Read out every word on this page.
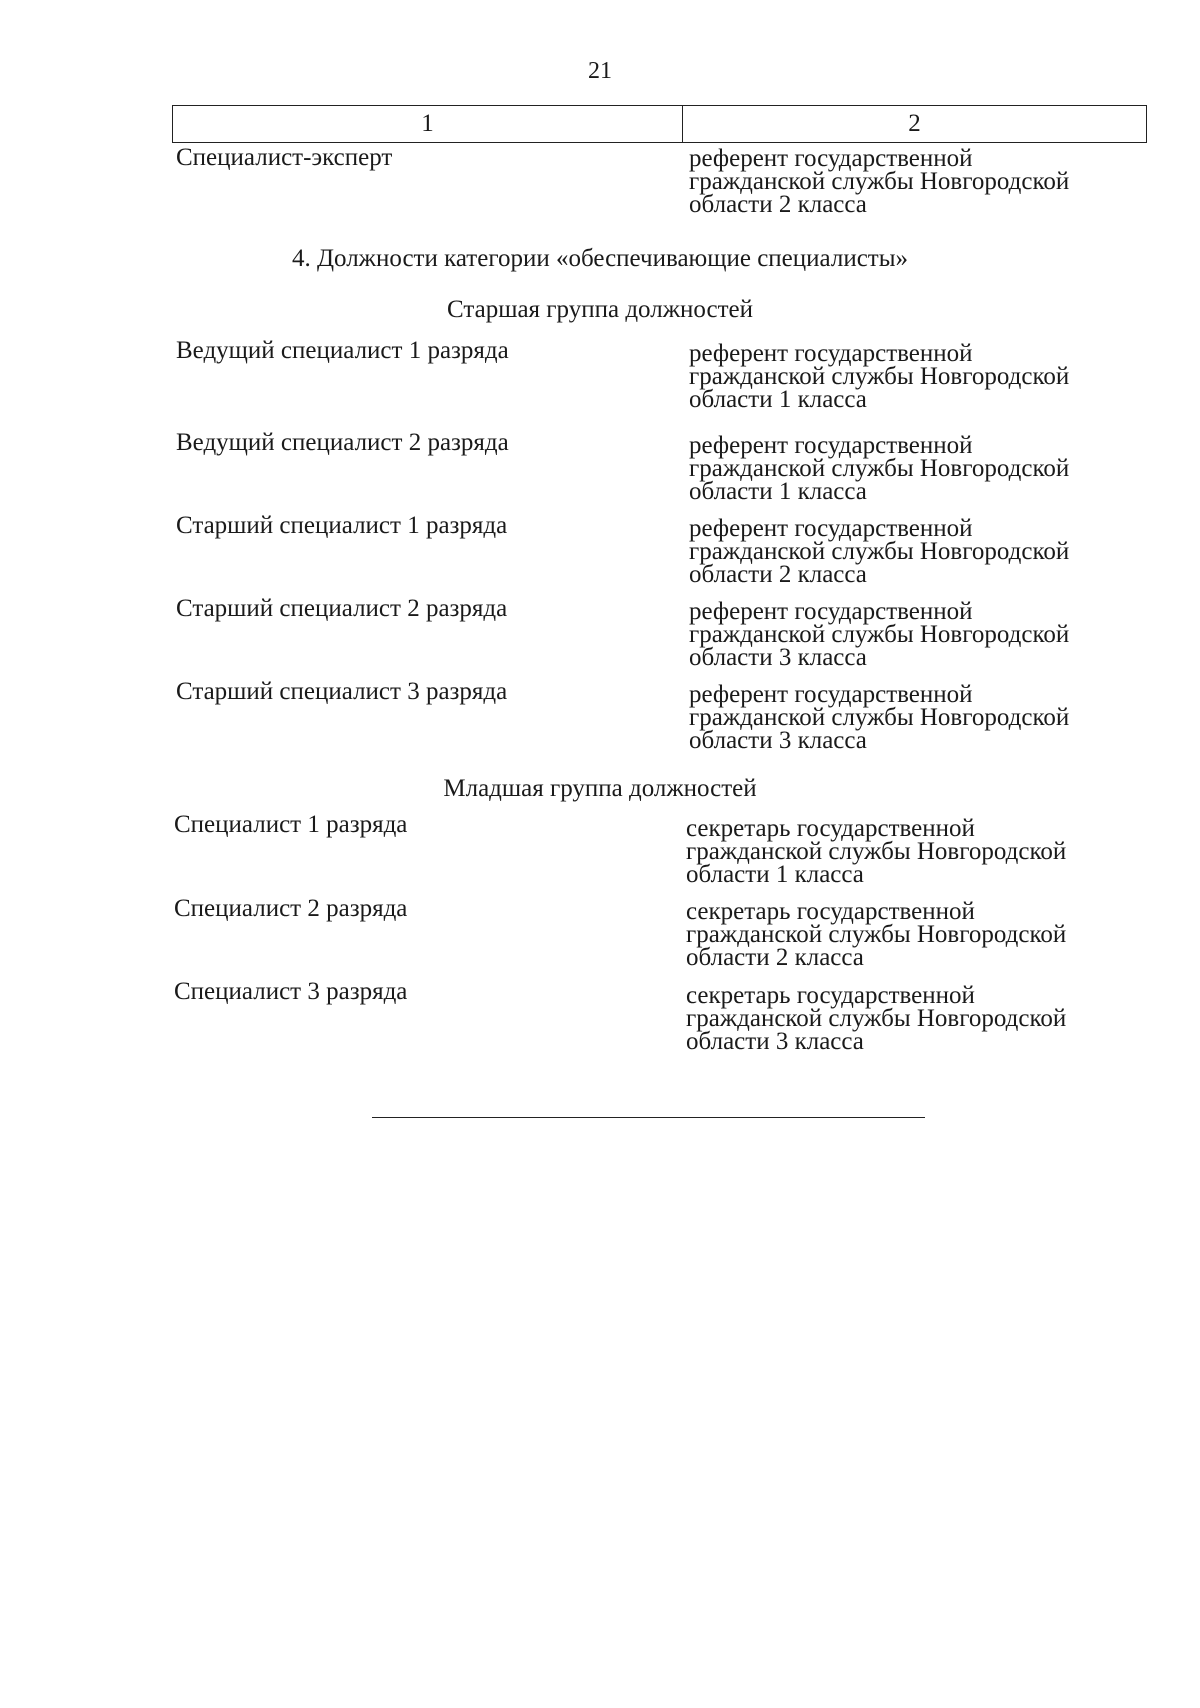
21
1	2
Специалист-эксперт	референт государственной
гражданской службы Новгородской
области 2 класса
4. Должности категории «обеспечивающие специалисты»
Старшая группа должностей
Ведущий специалист 1 разряда	референт государственной
гражданской службы Новгородской
области 1 класса
Ведущий специалист 2 разряда	референт государственной
гражданской службы Новгородской
области 1 класса
Старший специалист 1 разряда	референт государственной
гражданской службы Новгородской
области 2 класса
Старший специалист 2 разряда	референт государственной
гражданской службы Новгородской
области 3 класса
Старший специалист 3 разряда	референт государственной
гражданской службы Новгородской
области 3 класса
Младшая группа должностей
Специалист 1 разряда	секретарь государственной
гражданской службы Новгородской
области 1 класса
Специалист 2 разряда	секретарь государственной
гражданской службы Новгородской
области 2 класса
Специалист 3 разряда	секретарь государственной
гражданской службы Новгородской
области 3 класса
